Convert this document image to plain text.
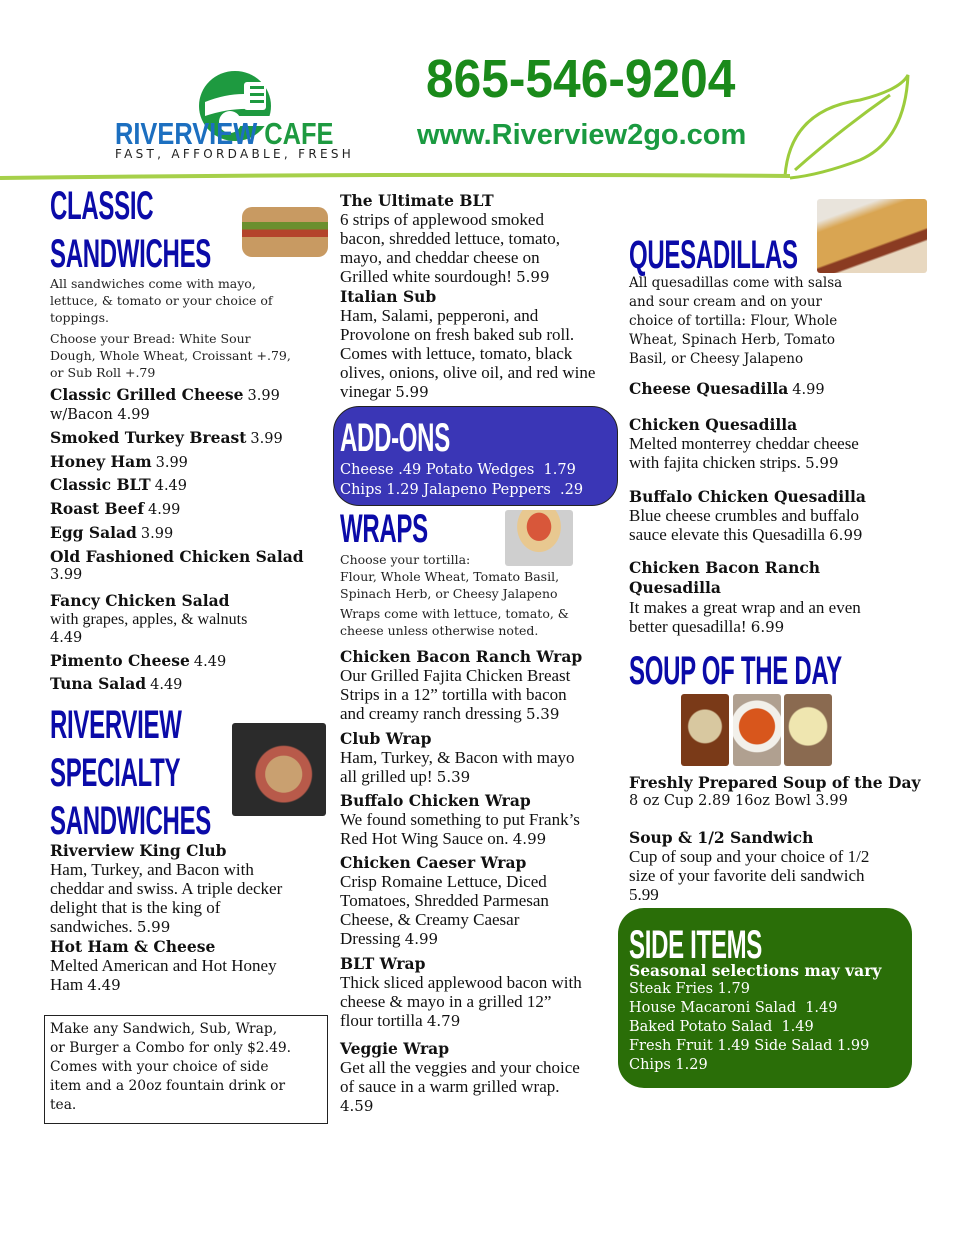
RIVERVIEW CAFE
FAST, AFFORDABLE, FRESH
865-546-9204
www.Riverview2go.com
CLASSIC
SANDWICHES
All sandwiches come with mayo,
lettuce, & tomato or your choice of
toppings.
Choose your Bread: White Sour
Dough, Whole Wheat, Croissant +.79,
or Sub Roll +.79
Classic Grilled Cheese 3.99
w/Bacon 4.99
Smoked Turkey Breast 3.99
Honey Ham 3.99
Classic BLT 4.49
Roast Beef 4.99
Egg Salad 3.99
Old Fashioned Chicken Salad
3.99
Fancy Chicken Salad
with grapes, apples, & walnuts
4.49
Pimento Cheese 4.49
Tuna Salad 4.49
RIVERVIEW
SPECIALTY
SANDWICHES
Riverview King Club
Ham, Turkey, and Bacon with
cheddar and swiss. A triple decker
delight that is the king of
sandwiches. 5.99
Hot Ham & Cheese
Melted American and Hot Honey
Ham 4.49
Make any Sandwich, Sub, Wrap,
or Burger a Combo for only $2.49.
Comes with your choice of side
item and a 20oz fountain drink or
tea.
The Ultimate BLT
6 strips of applewood smoked
bacon, shredded lettuce, tomato,
mayo, and cheddar cheese on
Grilled white sourdough! 5.99
Italian Sub
Ham, Salami, pepperoni, and
Provolone on fresh baked sub roll.
Comes with lettuce, tomato, black
olives, onions, olive oil, and red wine
vinegar 5.99
ADD-ONS
Cheese .49 Potato Wedges  1.79
Chips 1.29 Jalapeno Peppers  .29
WRAPS
Choose your tortilla:
Flour, Whole Wheat, Tomato Basil,
Spinach Herb, or Cheesy Jalapeno
Wraps come with lettuce, tomato, &
cheese unless otherwise noted.
Chicken Bacon Ranch Wrap
Our Grilled Fajita Chicken Breast
Strips in a 12” tortilla with bacon
and creamy ranch dressing 5.39
Club Wrap
Ham, Turkey, & Bacon with mayo
all grilled up! 5.39
Buffalo Chicken Wrap
We found something to put Frank’s
Red Hot Wing Sauce on. 4.99
Chicken Caeser Wrap
Crisp Romaine Lettuce, Diced
Tomatoes, Shredded Parmesan
Cheese, & Creamy Caesar
Dressing 4.99
BLT Wrap
Thick sliced applewood bacon with
cheese & mayo in a grilled 12”
flour tortilla 4.79
Veggie Wrap
Get all the veggies and your choice
of sauce in a warm grilled wrap.
4.59
QUESADILLAS
All quesadillas come with salsa
and sour cream and on your
choice of tortilla: Flour, Whole
Wheat, Spinach Herb, Tomato
Basil, or Cheesy Jalapeno
Cheese Quesadilla 4.99
Chicken Quesadilla
Melted monterrey cheddar cheese
with fajita chicken strips. 5.99
Buffalo Chicken Quesadilla
Blue cheese crumbles and buffalo
sauce elevate this Quesadilla 6.99
Chicken Bacon Ranch
Quesadilla
It makes a great wrap and an even
better quesadilla! 6.99
SOUP OF THE DAY
Freshly Prepared Soup of the Day
8 oz Cup 2.89 16oz Bowl 3.99
Soup & 1/2 Sandwich
Cup of soup and your choice of 1/2
size of your favorite deli sandwich
5.99
SIDE ITEMS
Seasonal selections may vary
Steak Fries 1.79
House Macaroni Salad  1.49
Baked Potato Salad  1.49
Fresh Fruit 1.49 Side Salad 1.99
Chips 1.29
